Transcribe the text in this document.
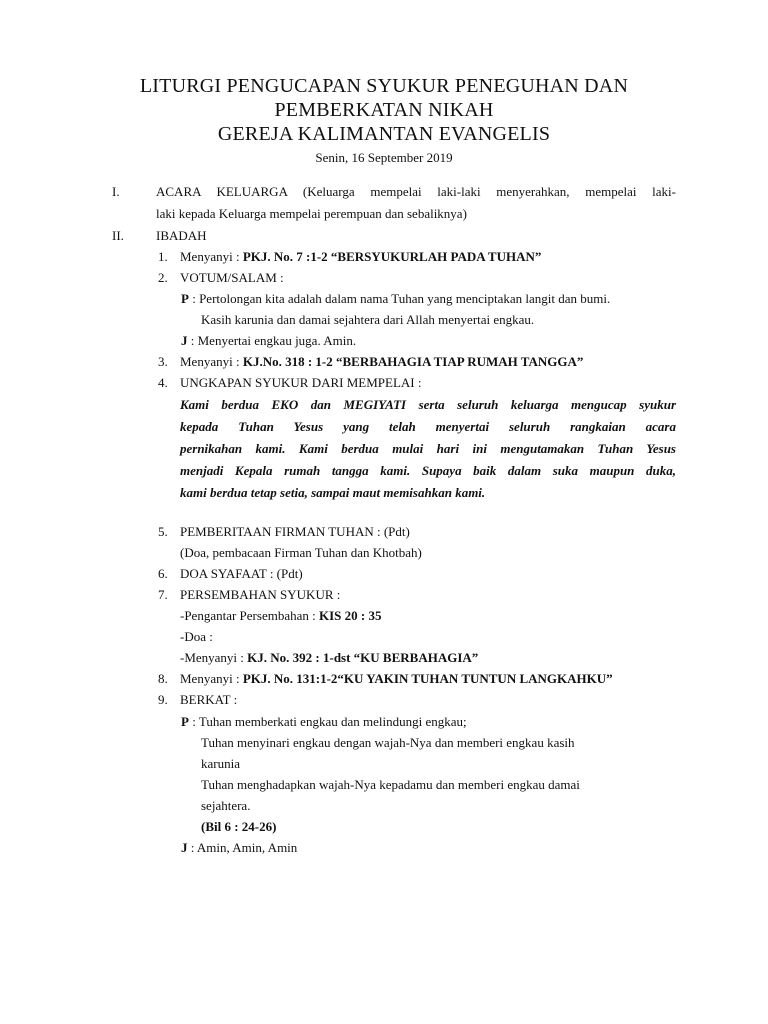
LITURGI PENGUCAPAN SYUKUR PENEGUHAN DAN
PEMBERKATAN NIKAH
GEREJA KALIMANTAN EVANGELIS
Senin, 16 September 2019
I.	ACARA KELUARGA (Keluarga mempelai laki-laki menyerahkan, mempelai laki-
laki kepada Keluarga mempelai perempuan dan sebaliknya)
II. IBADAH
1. Menyanyi : PKJ. No. 7 :1-2 “BERSYUKURLAH PADA TUHAN”
2. VOTUM/SALAM :
P : Pertolongan kita adalah dalam nama Tuhan yang menciptakan langit dan bumi.
Kasih karunia dan damai sejahtera dari Allah menyertai engkau.
J : Menyertai engkau juga. Amin.
3. Menyanyi : KJ.No. 318 : 1-2 “BERBAHAGIA TIAP RUMAH TANGGA”
4. UNGKAPAN SYUKUR DARI MEMPELAI :
Kami berdua EKO dan MEGIYATI serta seluruh keluarga mengucap syukur
kepada Tuhan Yesus yang telah menyertai seluruh rangkaian acara
pernikahan kami. Kami berdua mulai hari ini mengutamakan Tuhan Yesus
menjadi Kepala rumah tangga kami. Supaya baik dalam suka maupun duka,
kami berdua tetap setia, sampai maut memisahkan kami.
5. PEMBERITAAN FIRMAN TUHAN : (Pdt)
(Doa, pembacaan Firman Tuhan dan Khotbah)
6. DOA SYAFAAT : (Pdt)
7. PERSEMBAHAN SYUKUR :
-Pengantar Persembahan : KIS 20 : 35
-Doa :
-Menyanyi : KJ. No. 392 : 1-dst “KU BERBAHAGIA”
8. Menyanyi : PKJ. No. 131:1-2“KU YAKIN TUHAN TUNTUN LANGKAHKU”
9. BERKAT :
P : Tuhan memberkati engkau dan melindungi engkau;
Tuhan menyinari engkau dengan wajah-Nya dan memberi engkau kasih
karunia
Tuhan menghadapkan wajah-Nya kepadamu dan memberi engkau damai
sejahtera.
(Bil 6 : 24-26)
J : Amin, Amin, Amin
